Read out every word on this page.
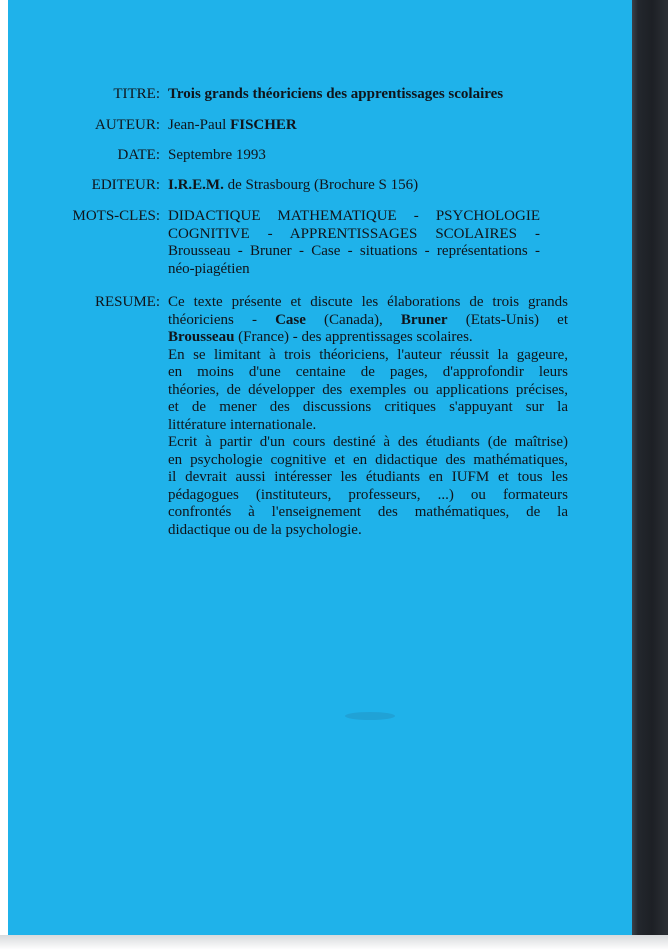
TITRE: Trois grands théoriciens des apprentissages scolaires
AUTEUR: Jean-Paul FISCHER
DATE: Septembre 1993
EDITEUR: I.R.E.M. de Strasbourg (Brochure S 156)
MOTS-CLES: DIDACTIQUE MATHEMATIQUE - PSYCHOLOGIE
COGNITIVE - APPRENTISSAGES SCOLAIRES -
Brousseau - Bruner - Case - situations - représentations -
néo-piagétien
RESUME: Ce texte présente et discute les élaborations de trois grands
théoriciens - Case (Canada), Bruner (Etats-Unis) et
Brousseau (France) - des apprentissages scolaires.
En se limitant à trois théoriciens, l'auteur réussit la gageure,
en moins d'une centaine de pages, d'approfondir leurs
théories, de développer des exemples ou applications précises,
et de mener des discussions critiques s'appuyant sur la
littérature internationale.
Ecrit à partir d'un cours destiné à des étudiants (de maîtrise)
en psychologie cognitive et en didactique des mathématiques,
il devrait aussi intéresser les étudiants en IUFM et tous les
pédagogues (instituteurs, professeurs, ...) ou formateurs
confrontés à l'enseignement des mathématiques, de la
didactique ou de la psychologie.
